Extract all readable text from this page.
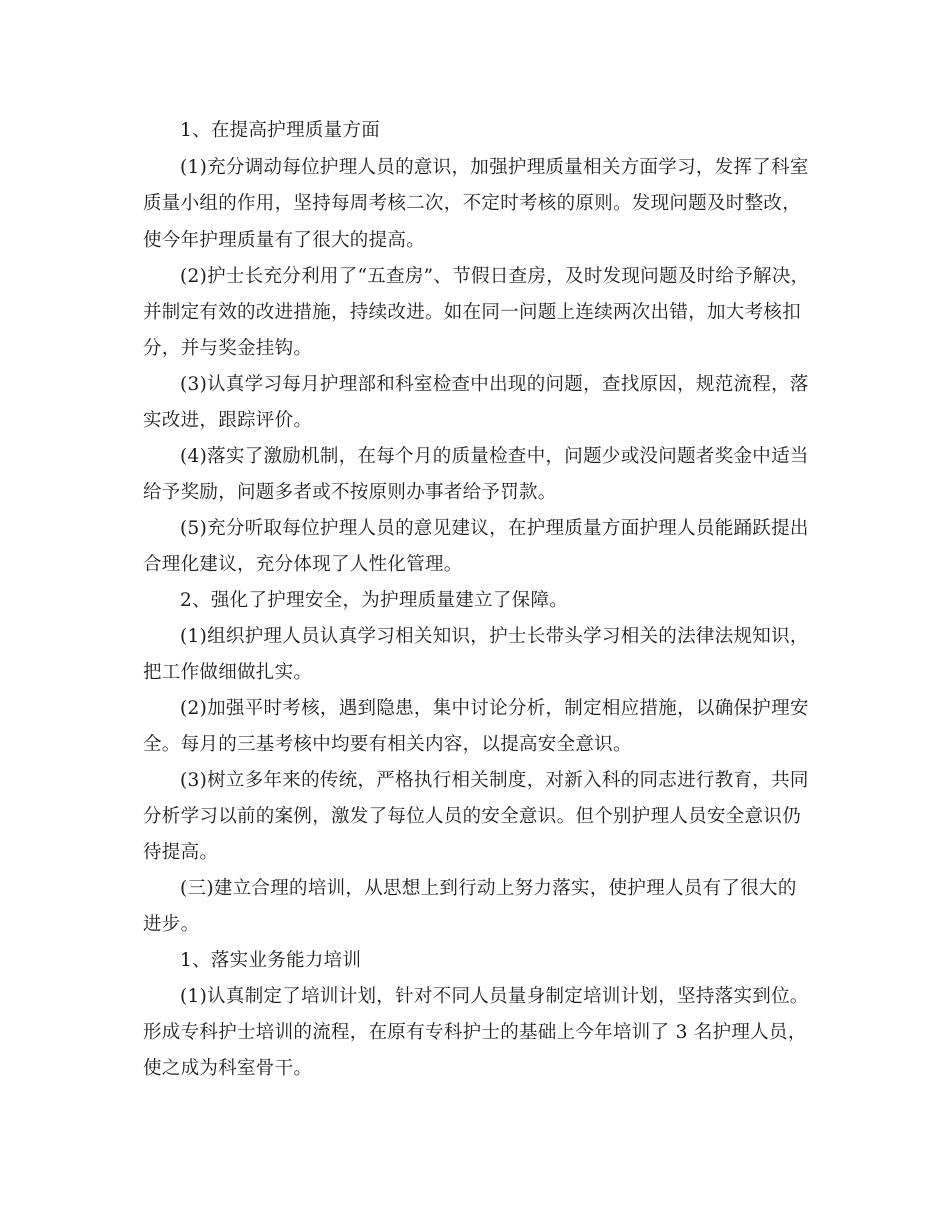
1、在提高护理质量方面
(1)充分调动每位护理人员的意识，加强护理质量相关方面学习，发挥了科室
质量小组的作用，坚持每周考核二次，不定时考核的原则。发现问题及时整改，
使今年护理质量有了很大的提高。
(2)护士长充分利用了“五查房”、节假日查房，及时发现问题及时给予解决，
并制定有效的改进措施，持续改进。如在同一问题上连续两次出错，加大考核扣
分，并与奖金挂钩。
(3)认真学习每月护理部和科室检查中出现的问题，查找原因，规范流程，落
实改进，跟踪评价。
(4)落实了激励机制，在每个月的质量检查中，问题少或没问题者奖金中适当
给予奖励，问题多者或不按原则办事者给予罚款。
(5)充分听取每位护理人员的意见建议，在护理质量方面护理人员能踊跃提出
合理化建议，充分体现了人性化管理。
2、强化了护理安全，为护理质量建立了保障。
(1)组织护理人员认真学习相关知识，护士长带头学习相关的法律法规知识，
把工作做细做扎实。
(2)加强平时考核，遇到隐患，集中讨论分析，制定相应措施，以确保护理安
全。每月的三基考核中均要有相关内容，以提高安全意识。
(3)树立多年来的传统，严格执行相关制度，对新入科的同志进行教育，共同
分析学习以前的案例，激发了每位人员的安全意识。但个别护理人员安全意识仍
待提高。
(三)建立合理的培训，从思想上到行动上努力落实，使护理人员有了很大的
进步。
1、落实业务能力培训
(1)认真制定了培训计划，针对不同人员量身制定培训计划，坚持落实到位。
形成专科护士培训的流程，在原有专科护士的基础上今年培训了 3 名护理人员，
使之成为科室骨干。
